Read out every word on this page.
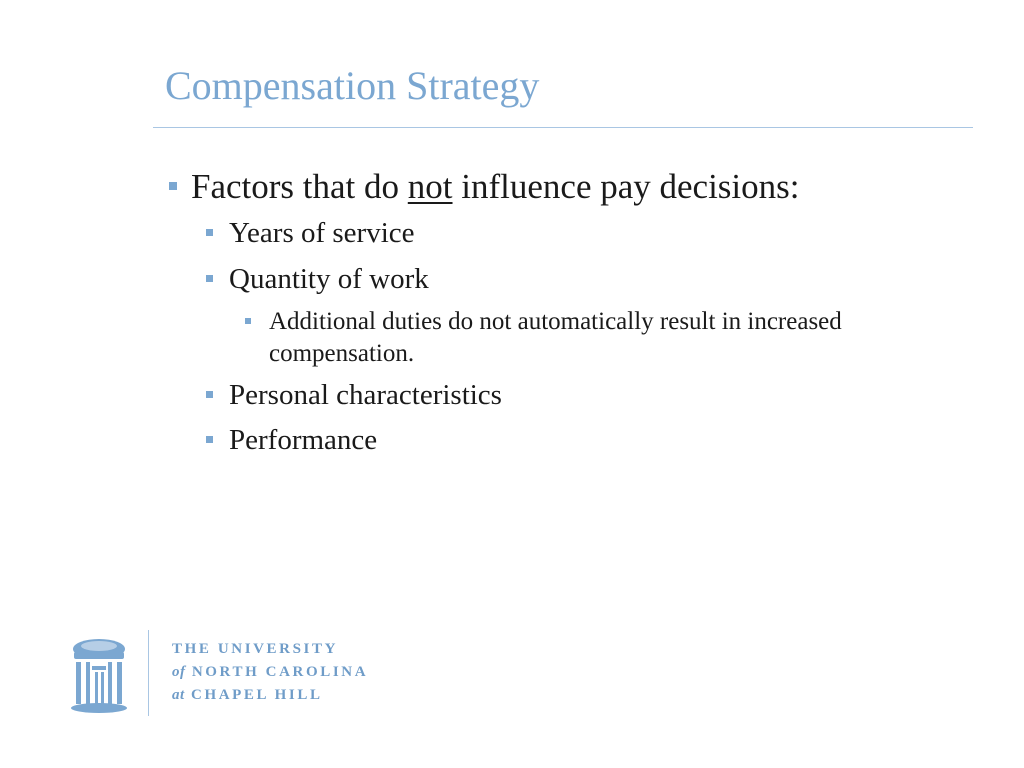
Compensation Strategy
Factors that do not influence pay decisions:
Years of service
Quantity of work
Additional duties do not automatically result in increased compensation.
Personal characteristics
Performance
THE UNIVERSITY
of NORTH CAROLINA
at CHAPEL HILL
